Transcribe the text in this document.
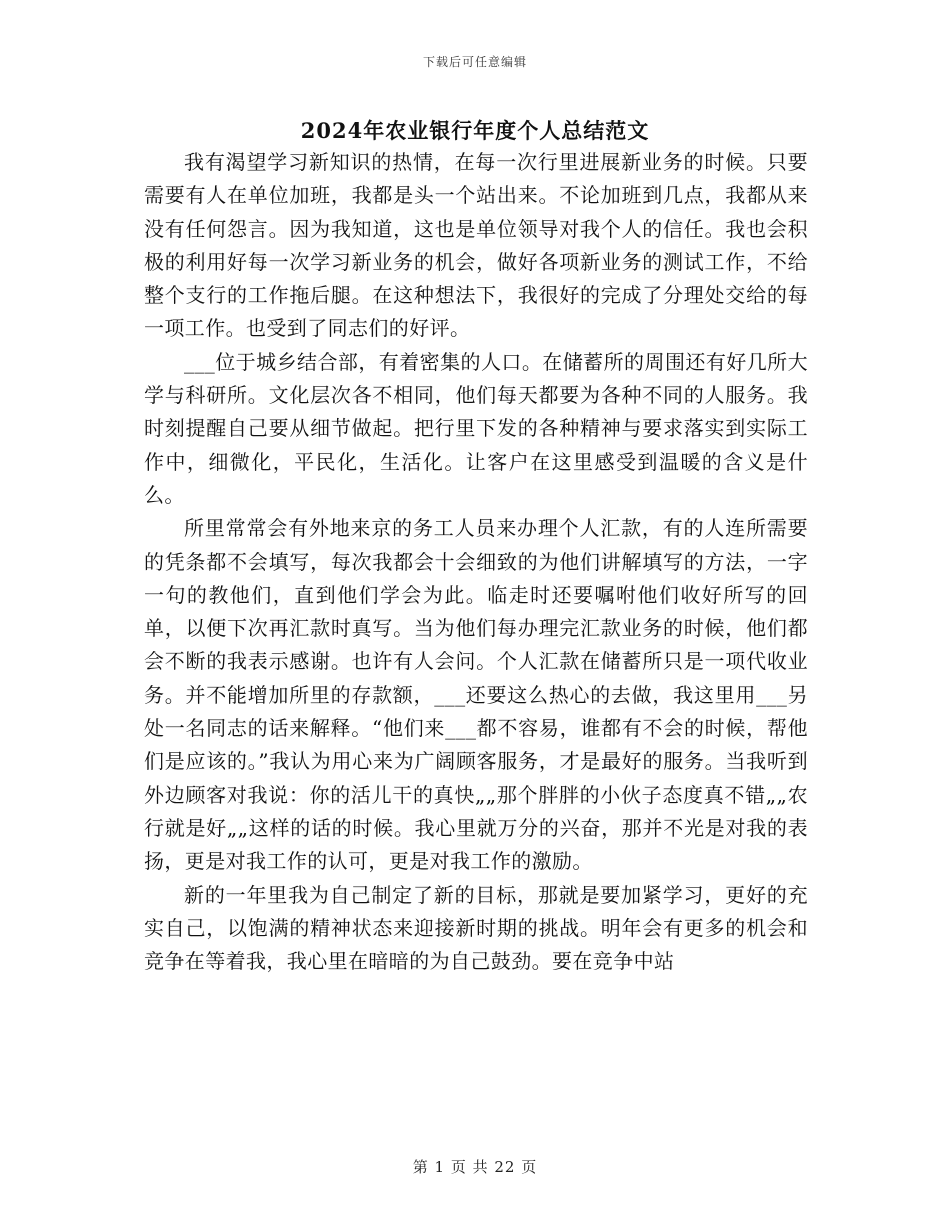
下载后可任意编辑
2024年农业银行年度个人总结范文

我有渴望学习新知识的热情，在每一次行里进展新业务的时候。只要需要有人在单位加班，我都是头一个站出来。不论加班到几点，我都从来没有任何怨言。因为我知道，这也是单位领导对我个人的信任。我也会积极的利用好每一次学习新业务的机会，做好各项新业务的测试工作，不给整个支行的工作拖后腿。在这种想法下，我很好的完成了分理处交给的每一项工作。也受到了同志们的好评。

___位于城乡结合部，有着密集的人口。在储蓄所的周围还有好几所大学与科研所。文化层次各不相同，他们每天都要为各种不同的人服务。我时刻提醒自己要从细节做起。把行里下发的各种精神与要求落实到实际工作中，细微化，平民化，生活化。让客户在这里感受到温暖的含义是什么。

所里常常会有外地来京的务工人员来办理个人汇款，有的人连所需要的凭条都不会填写，每次我都会十会细致的为他们讲解填写的方法，一字一句的教他们，直到他们学会为此。临走时还要嘱咐他们收好所写的回单，以便下次再汇款时真写。当为他们每办理完汇款业务的时候，他们都会不断的我表示感谢。也许有人会问。个人汇款在储蓄所只是一项代收业务。并不能增加所里的存款额，___还要这么热心的去做，我这里用___另处一名同志的话来解释。“他们来___都不容易，谁都有不会的时候，帮他们是应该的。”我认为用心来为广阔顾客服务，才是最好的服务。当我听到外边顾客对我说：你的活儿干的真快„„那个胖胖的小伙子态度真不错„„农行就是好„„这样的话的时候。我心里就万分的兴奋，那并不光是对我的表扬，更是对我工作的认可，更是对我工作的激励。

新的一年里我为自己制定了新的目标，那就是要加紧学习，更好的充实自己，以饱满的精神状态来迎接新时期的挑战。明年会有更多的机会和竞争在等着我，我心里在暗暗的为自己鼓劲。要在竞争中站

第 1 页 共 22 页
